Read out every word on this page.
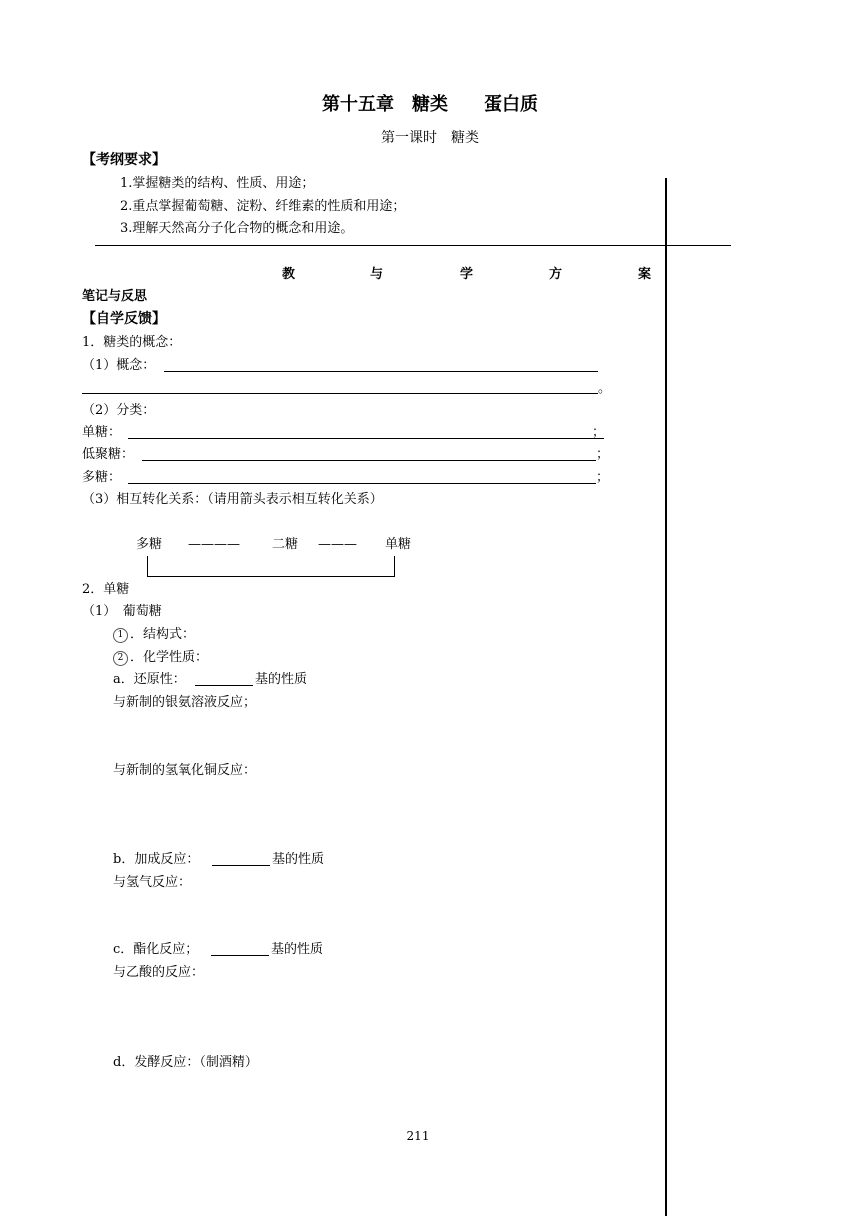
第十五章　糖类　　蛋白质
第一课时　糖类
【考纲要求】
1.掌握糖类的结构、性质、用途；
2.重点掌握葡萄糖、淀粉、纤维素的性质和用途；
3.理解天然高分子化合物的概念和用途。
教	与	学	方	案
笔记与反思
【自学反馈】
1．糖类的概念：
（1）概念：
。
（2）分类：
单糖：	；
低聚糖：	；
多糖：	；
（3）相互转化关系：（请用箭头表示相互转化关系）
多糖 ———— 二糖 ——— 单糖
2．单糖
（1）　葡萄糖
1 ．结构式：
2 ．化学性质：
a．还原性：	基的性质
与新制的银氨溶液反应；
与新制的氢氧化铜反应：
b．加成反应：	基的性质
与氢气反应：
c．酯化反应；	基的性质
与乙酸的反应：
d．发酵反应：（制酒精）
211
